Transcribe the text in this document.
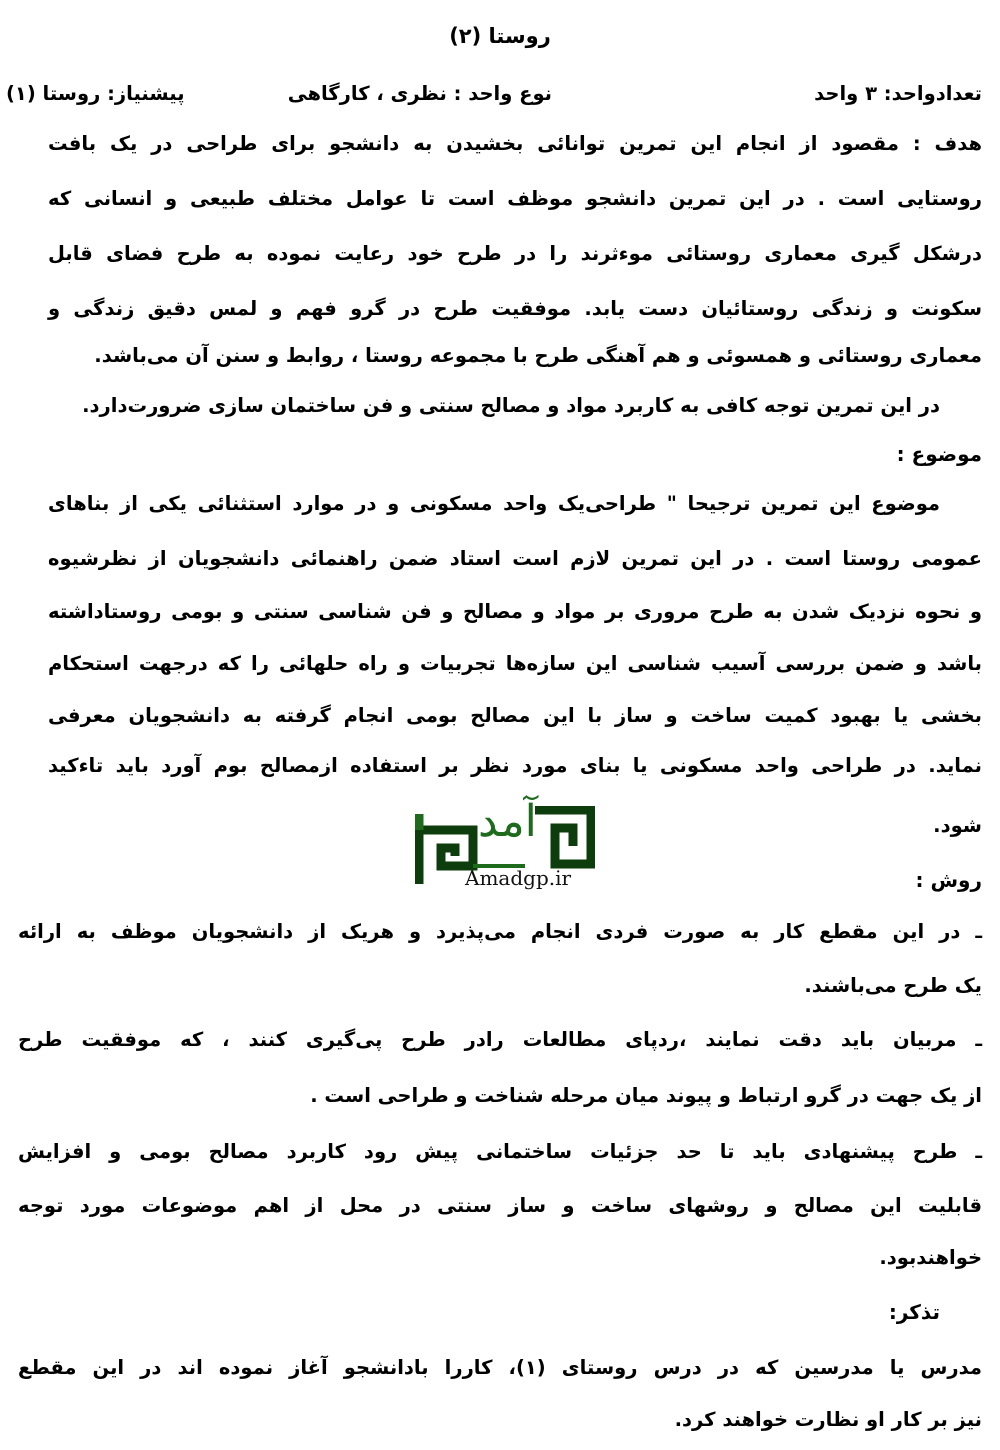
روستا (۲)
تعدادواحد: ۳ واحد
نوع واحد : نظری ، کارگاهی
پیشنیاز: روستا (۱)
هدف : مقصود از انجام این تمرین توانائی بخشیدن به دانشجو برای طراحی در یک بافت
روستایی است . در این تمرین دانشجو موظف است تا عوامل مختلف طبیعی و انسانی که
درشکل گیری معماری روستائی موءثرند را در طرح خود رعایت نموده به طرح فضای قابل
سکونت و زندگی روستائیان دست یابد. موفقیت طرح در گرو فهم و لمس دقیق زندگی و
معماری روستائی و همسوئی و هم آهنگی طرح با مجموعه روستا ، روابط و سنن آن می‌باشد.
در این تمرین توجه کافی به کاربرد مواد و مصالح سنتی و فن ساختمان سازی ضرورت‌دارد.
موضوع :
موضوع این تمرین ترجیحا " طراحی‌یک واحد مسکونی و در موارد استثنائی یکی از بناهای
عمومی روستا است . در این تمرین لازم است استاد ضمن راهنمائی دانشجویان از نظرشیوه
و نحوه نزدیک شدن به طرح مروری بر مواد و مصالح و فن شناسی سنتی و بومی روستاداشته
باشد و ضمن بررسی آسیب شناسی این سازه‌ها تجربیات و راه حلهائی را که درجهت استحکام
بخشی یا بهبود کمیت ساخت و ساز با این مصالح بومی انجام گرفته به دانشجویان معرفی
نماید. در طراحی واحد مسکونی یا بنای مورد نظر بر استفاده ازمصالح بوم آورد باید تاءکید
شود.
آمد
Amadgp.ir	روش :
ـ در این مقطع کار به صورت فردی انجام می‌پذیرد و هریک از دانشجویان موظف به ارائه
یک طرح می‌باشند.
ـ مربیان باید دقت نمایند ،ردپای مطالعات رادر طرح پی‌گیری کنند ، که موفقیت طرح
از یک جهت در گرو ارتباط و پیوند میان مرحله شناخت و طراحی است .
ـ طرح پیشنهادی باید تا حد جزئیات ساختمانی پیش رود کاربرد مصالح بومی و افزایش
قابلیت این مصالح و روشهای ساخت و ساز سنتی در محل از اهم موضوعات مورد توجه
خواهندبود.
تذکر:
مدرس یا مدرسین که در درس روستای (۱)، کاررا بادانشجو آغاز نموده اند در این مقطع
نیز بر کار او نظارت خواهند کرد.
